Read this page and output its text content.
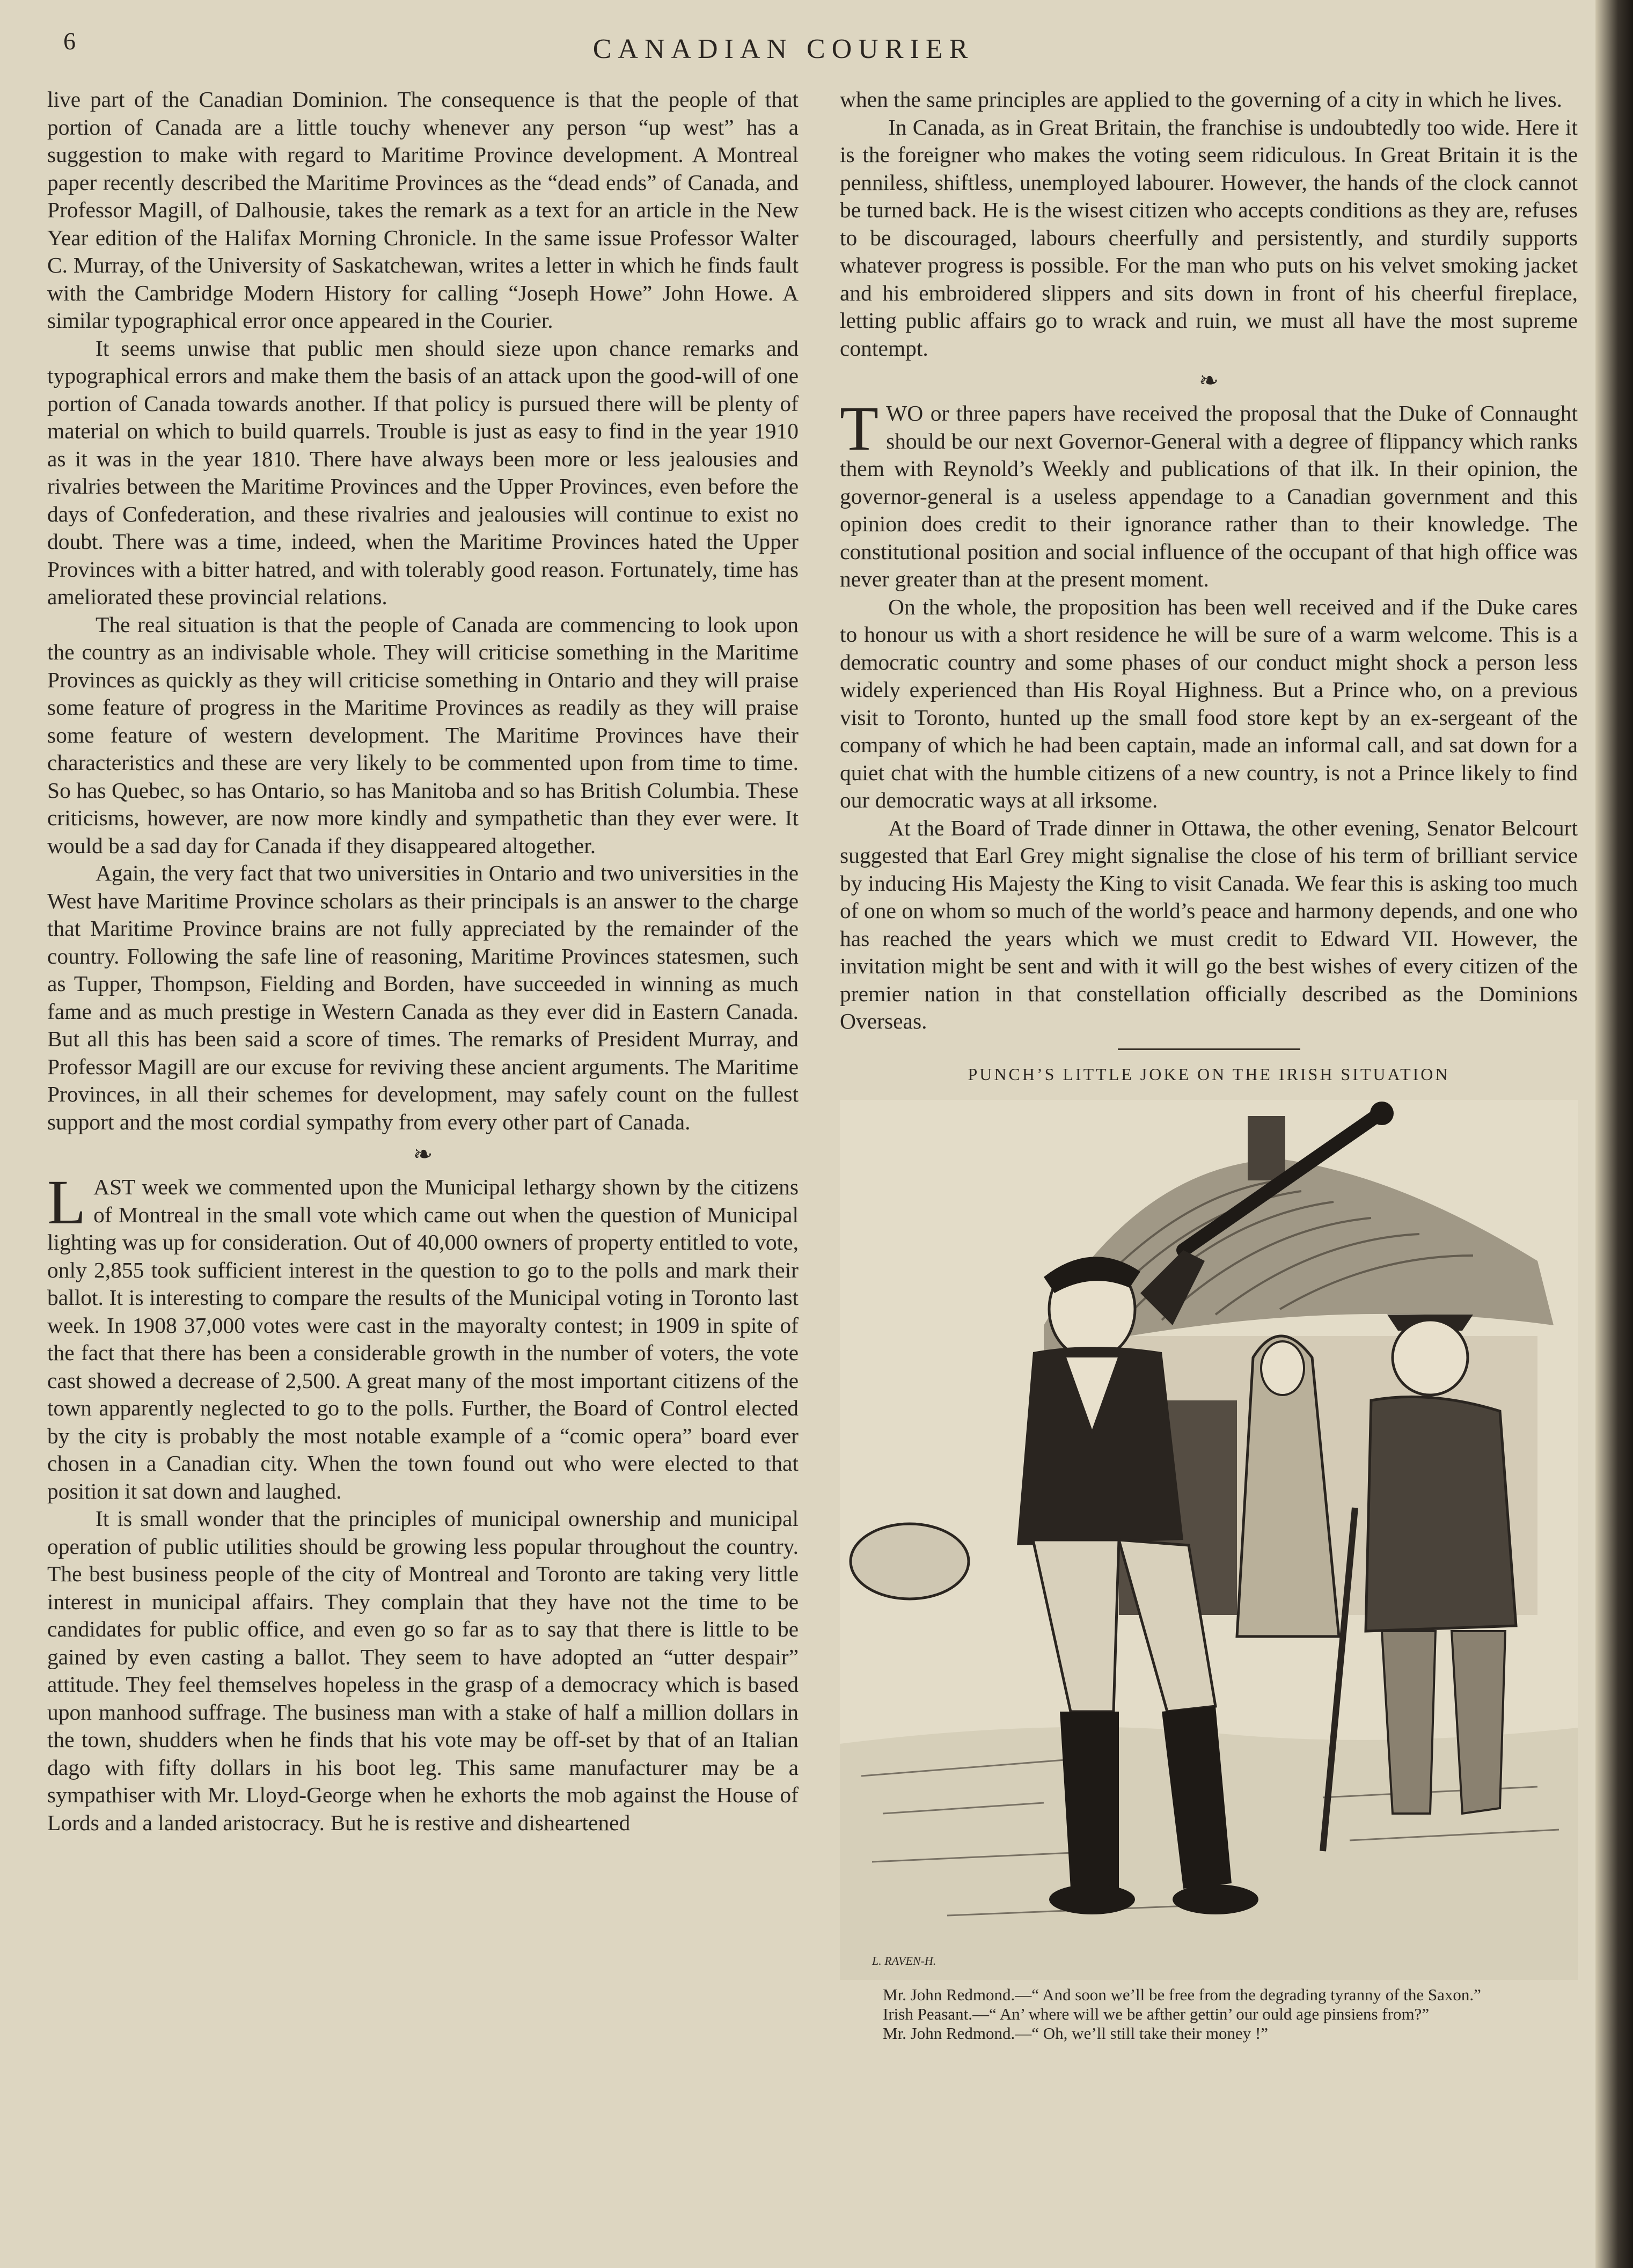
6	CANADIAN COURIER

live part of the Canadian Dominion. The consequence is that the people of that portion of Canada are a little touchy whenever any person “up west” has a suggestion to make with regard to Maritime Province development. A Montreal paper recently described the Maritime Provinces as the “dead ends” of Canada, and Professor Magill, of Dalhousie, takes the remark as a text for an article in the New Year edition of the Halifax Morning Chronicle. In the same issue Professor Walter C. Murray, of the University of Saskatchewan, writes a letter in which he finds fault with the Cambridge Modern History for calling “Joseph Howe” John Howe. A similar typographical error once appeared in the Courier.

It seems unwise that public men should sieze upon chance remarks and typographical errors and make them the basis of an attack upon the good-will of one portion of Canada towards another. If that policy is pursued there will be plenty of material on which to build quarrels. Trouble is just as easy to find in the year 1910 as it was in the year 1810. There have always been more or less jealousies and rivalries between the Maritime Provinces and the Upper Provinces, even before the days of Confederation, and these rivalries and jealousies will continue to exist no doubt. There was a time, indeed, when the Maritime Provinces hated the Upper Provinces with a bitter hatred, and with tolerably good reason. Fortunately, time has ameliorated these provincial relations.

The real situation is that the people of Canada are commencing to look upon the country as an indivisable whole. They will criticise something in the Maritime Provinces as quickly as they will criticise something in Ontario and they will praise some feature of progress in the Maritime Provinces as readily as they will praise some feature of western development. The Maritime Provinces have their characteristics and these are very likely to be commented upon from time to time. So has Quebec, so has Ontario, so has Manitoba and so has British Columbia. These criticisms, however, are now more kindly and sympathetic than they ever were. It would be a sad day for Canada if they disappeared altogether.

Again, the very fact that two universities in Ontario and two universities in the West have Maritime Province scholars as their principals is an answer to the charge that Maritime Province brains are not fully appreciated by the remainder of the country. Following the safe line of reasoning, Maritime Provinces statesmen, such as Tupper, Thompson, Fielding and Borden, have succeeded in winning as much fame and as much prestige in Western Canada as they ever did in Eastern Canada. But all this has been said a score of times. The remarks of President Murray, and Professor Magill are our excuse for reviving these ancient arguments. The Maritime Provinces, in all their schemes for development, may safely count on the fullest support and the most cordial sympathy from every other part of Canada.

❧

L AST week we commented upon the Municipal lethargy shown by the citizens of Montreal in the small vote which came out when the question of Municipal lighting was up for consideration. Out of 40,000 owners of property entitled to vote, only 2,855 took sufficient interest in the question to go to the polls and mark their ballot. It is interesting to compare the results of the Municipal voting in Toronto last week. In 1908 37,000 votes were cast in the mayoralty contest; in 1909 in spite of the fact that there has been a considerable growth in the number of voters, the vote cast showed a decrease of 2,500. A great many of the most important citizens of the town apparently neglected to go to the polls. Further, the Board of Control elected by the city is probably the most notable example of a “comic opera” board ever chosen in a Canadian city. When the town found out who were elected to that position it sat down and laughed.

It is small wonder that the principles of municipal ownership and municipal operation of public utilities should be growing less popular throughout the country. The best business people of the city of Montreal and Toronto are taking very little interest in municipal affairs. They complain that they have not the time to be candidates for public office, and even go so far as to say that there is little to be gained by even casting a ballot. They seem to have adopted an “utter despair” attitude. They feel themselves hopeless in the grasp of a democracy which is based upon manhood suffrage. The business man with a stake of half a million dollars in the town, shudders when he finds that his vote may be off-set by that of an Italian dago with fifty dollars in his boot leg. This same manufacturer may be a sympathiser with Mr. Lloyd-George when he exhorts the mob against the House of Lords and a landed aristocracy. But he is restive and disheartened

when the same principles are applied to the governing of a city in which he lives.

In Canada, as in Great Britain, the franchise is undoubtedly too wide. Here it is the foreigner who makes the voting seem ridiculous. In Great Britain it is the penniless, shiftless, unemployed labourer. However, the hands of the clock cannot be turned back. He is the wisest citizen who accepts conditions as they are, refuses to be discouraged, labours cheerfully and persistently, and sturdily supports whatever progress is possible. For the man who puts on his velvet smoking jacket and his embroidered slippers and sits down in front of his cheerful fireplace, letting public affairs go to wrack and ruin, we must all have the most supreme contempt.

❧

T WO or three papers have received the proposal that the Duke of Connaught should be our next Governor-General with a degree of flippancy which ranks them with Reynold’s Weekly and publications of that ilk. In their opinion, the governor-general is a useless appendage to a Canadian government and this opinion does credit to their ignorance rather than to their knowledge. The constitutional position and social influence of the occupant of that high office was never greater than at the present moment.

On the whole, the proposition has been well received and if the Duke cares to honour us with a short residence he will be sure of a warm welcome. This is a democratic country and some phases of our conduct might shock a person less widely experienced than His Royal Highness. But a Prince who, on a previous visit to Toronto, hunted up the small food store kept by an ex-sergeant of the company of which he had been captain, made an informal call, and sat down for a quiet chat with the humble citizens of a new country, is not a Prince likely to find our democratic ways at all irksome.

At the Board of Trade dinner in Ottawa, the other evening, Senator Belcourt suggested that Earl Grey might signalise the close of his term of brilliant service by inducing His Majesty the King to visit Canada. We fear this is asking too much of one on whom so much of the world’s peace and harmony depends, and one who has reached the years which we must credit to Edward VII. However, the invitation might be sent and with it will go the best wishes of every citizen of the premier nation in that constellation officially described as the Dominions Overseas.

PUNCH’S LITTLE JOKE ON THE IRISH SITUATION
L. RAVEN-H.

Mr. John Redmond.—“ And soon we’ll be free from the degrading tyranny of the Saxon.”

Irish Peasant.—“ An’ where will we be afther gettin’ our ould age pinsiens from?”

Mr. John Redmond.—“ Oh, we’ll still take their money !”
